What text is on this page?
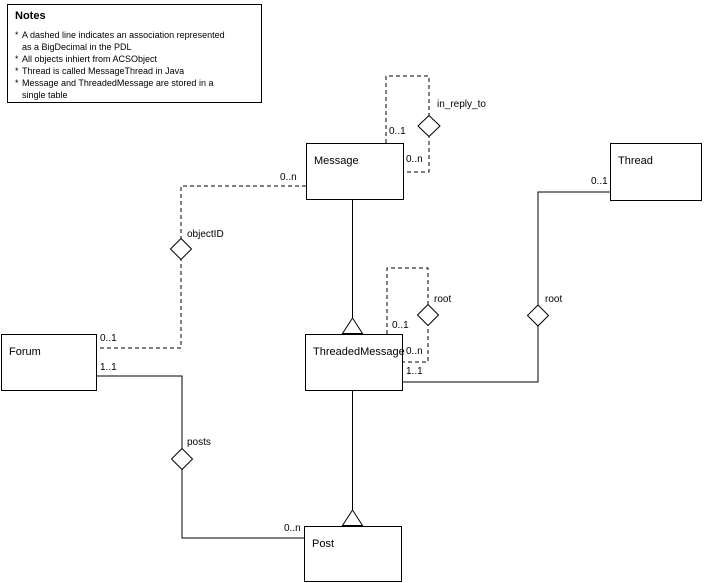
Notes
* A dashed line indicates an association represented
as a BigDecimal in the PDL
* All objects inhiert from ACSObject
* Thread is called MessageThread in Java
* Message and ThreadedMessage are stored in a
single table
Message	Thread
ThreadedMessage
Forum
Post
in_reply_to
0..1
0..n
root
0..1
0..n
root
0..1
1..1
objectID
0..n
0..1
posts
1..1
0..n
